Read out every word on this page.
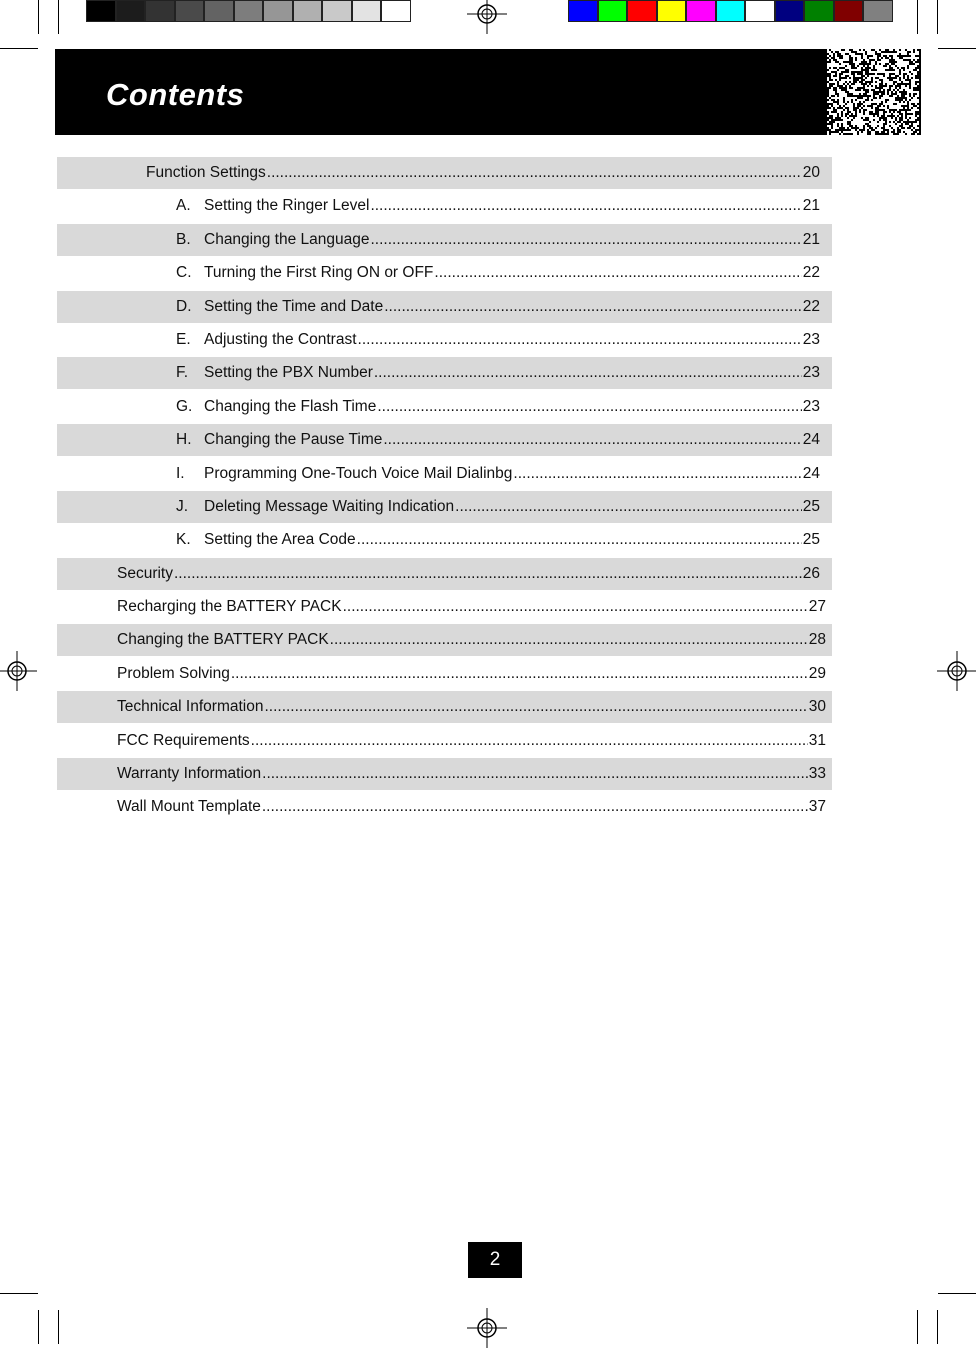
Contents
Function Settings .....	20
A. Setting the Ringer Level .....	21
B. Changing the Language .....	21
C. Turning the First Ring ON or OFF .....	22
D. Setting the Time and Date .....	22
E. Adjusting the Contrast .....	23
F.	Setting the PBX Number .....	23
G. Changing the Flash Time .....	23
H. Changing the Pause Time .....	24
I.	Programming One-Touch Voice Mail Dialinbg .....	24
J.	Deleting Message Waiting Indication .....	25
K. Setting the Area Code .....	25
Security .....	26
Recharging the BATTERY PACK .....	27
Changing the BATTERY PACK .....	28
Problem Solving .....	29
Technical Information .....	30
FCC Requirements .....	31
Warranty Information .....	33
Wall Mount Template .....	37
2
